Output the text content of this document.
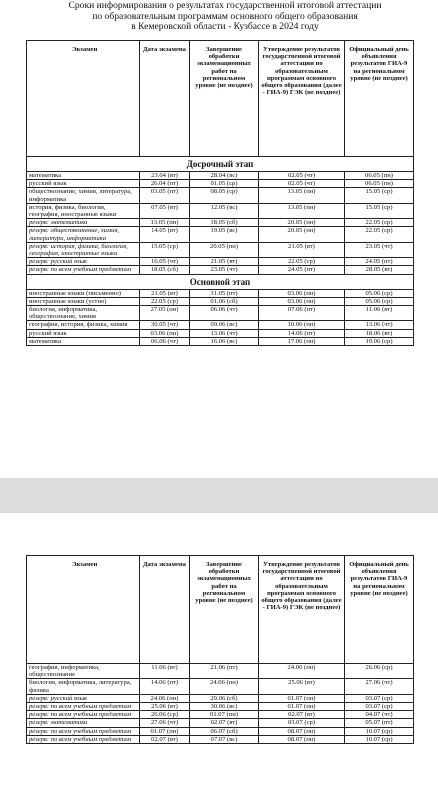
Сроки информирования о результатах государственной итоговой аттестации
по образовательным программам основного общего образования
в Кемеровской области - Кузбассе в 2024 году
Экзамен	Дата экзамена	Завершение обработки экзаменационных работ на региональном уровне (не позднее)	Утверждение результатов государственной итоговой аттестации по образовательным программам основного общего образования (далее - ГИА-9) ГЭК (не позднее)	Официальный день объявления результатов ГИА-9 на региональном уровне (не позднее)
Досрочный этап				
математика	23.04 (вт)	28.04 (вс)	02.05 (чт)	06.05 (пн)
русский язык	26.04 (пт)	01.05 (ср)	02.05 (чт)	06.05 (пн)
обществознание, химия, литература, информатика	03.05 (пт)	08.05 (ср)	13.05 (пн)	15.05 (ср)
история, физика, биология, география, иностранные языки	07.05 (вт)	12.05 (вс)	13.05 (пн)	15.05 (ср)
резерв: математика	13.05 (пн)	18.05 (сб)	20.05 (пн)	22.05 (ср)
резерв: обществознание, химия, литература, информатика	14.05 (вт)	19.05 (вс)	20.05 (пн)	22.05 (ср)
резерв: история, физика, биология, география, иностранные языки	15.05 (ср)	20.05 (пн)	21.05 (вт)	23.05 (чт)
резерв: русский язык	16.05 (чт)	21.05 (вт)	22.05 (ср)	24.05 (пт)
резерв: по всем учебным предметам	18.05 (сб)	23.05 (чт)	24.05 (пт)	28.05 (вт)
Основной этап				
иностранные языки (письменно)	21.05 (вт)	31.05 (пт)	03.06 (пн)	05.06 (ср)
иностранные языки (устно)	22.05 (ср)	01.06 (сб)	03.06 (пн)	05.06 (ср)
биология, информатика, обществознание, химия	27.05 (пн)	06.06 (чт)	07.06 (пт)	11.06 (вт)
география, история, физика, химия	30.05 (чт)	09.06 (вс)	10.06 (пн)	13.06 (чт)
русский язык	03.06 (пн)	13.06 (чт)	14.06 (пт)	18.06 (вт)
математика	06.06 (чт)	16.06 (вс)	17.06 (пн)	19.06 (ср)
Экзамен	Дата экзамена	Завершение обработки экзаменационных работ на региональном уровне (не позднее)	Утверждение результатов государственной итоговой аттестации по образовательным программам основного общего образования (далее - ГИА-9) ГЭК (не позднее)	Официальный день объявления результатов ГИА-9 на региональном уровне (не позднее)
география, информатика, обществознание	11.06 (вт)	21.06 (пт)	24.06 (пн)	26.06 (ср)
биология, информатика, литература, физика	14.06 (пт)	24.06 (пн)	25.06 (вт)	27.06 (чт)
резерв: русский язык	24.06 (пн)	29.06 (сб)	01.07 (пн)	03.07 (ср)
резерв: по всем учебным предметам	25.06 (вт)	30.06 (вс)	01.07 (пн)	03.07 (ср)
резерв: по всем учебным предметам	26.06 (ср)	01.07 (пн)	02.07 (вт)	04.07 (чт)
резерв: математика	27.06 (чт)	02.07 (вт)	03.07 (ср)	05.07 (пт)
резерв: по всем учебным предметам	01.07 (пн)	06.07 (сб)	08.07 (пн)	10.07 (ср)
резерв: по всем учебным предметам	02.07 (вт)	07.07 (вс)	08.07 (пн)	10.07 (ср)
